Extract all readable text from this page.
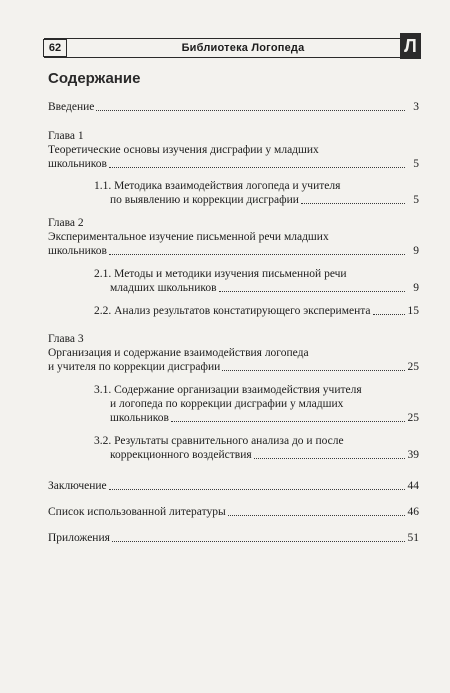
62	Библиотека Логопеда	Л
Содержание
Введение	3
Глава 1
Теоретические основы изучения дисграфии у младших
школьников	5
1.1. Методика взаимодействия логопеда и учителя
по выявлению и коррекции дисграфии	5
Глава 2
Экспериментальное изучение письменной речи младших
школьников	9
2.1. Методы и методики изучения письменной речи
младших школьников	9
2.2. Анализ результатов констатирующего эксперимента	15
Глава 3
Организация и содержание взаимодействия логопеда
и учителя по коррекции дисграфии	25
3.1. Содержание организации взаимодействия учителя
и логопеда по коррекции дисграфии у младших
школьников	25
3.2. Результаты сравнительного анализа до и после
коррекционного воздействия	39
Заключение	44
Список использованной литературы	46
Приложения	51
